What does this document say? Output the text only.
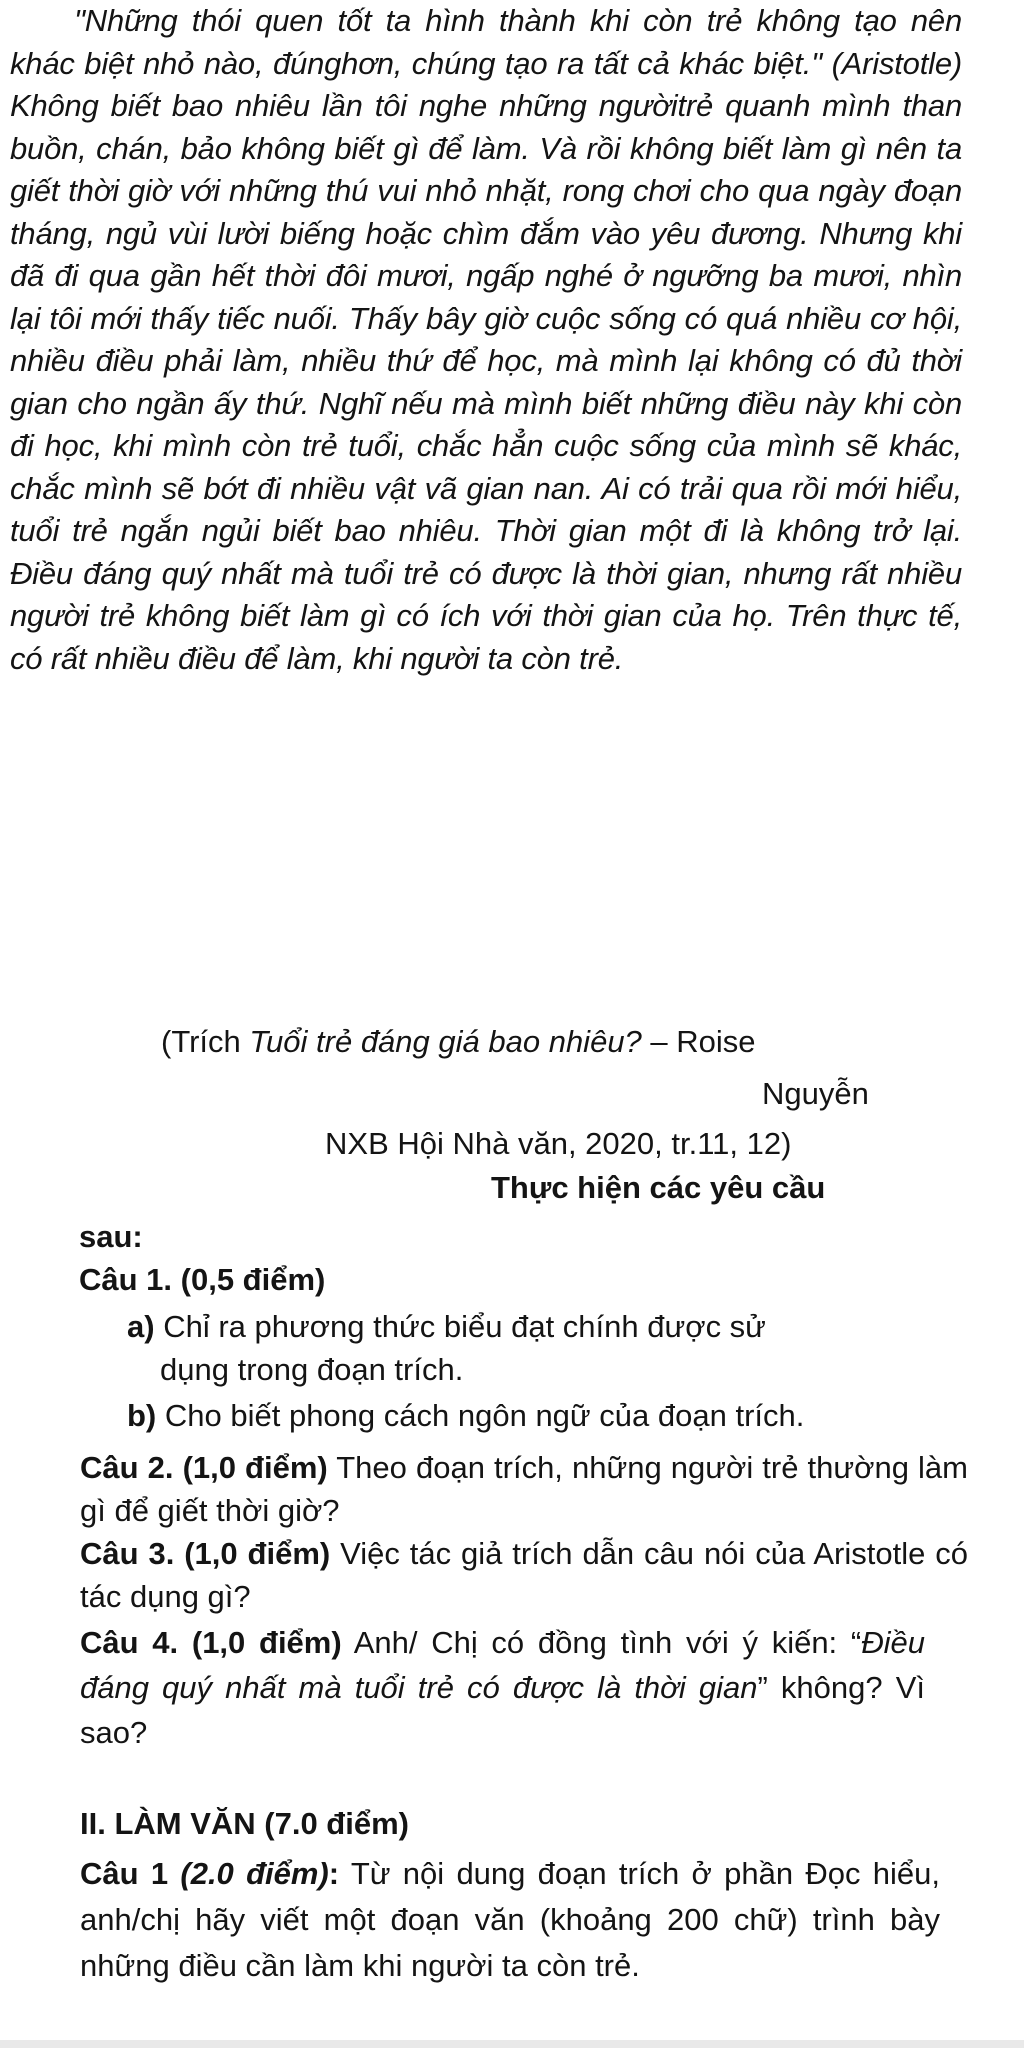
"Những thói quen tốt ta hình thành khi còn trẻ không tạo nên khác biệt nhỏ nào, đúnghơn, chúng tạo ra tất cả khác biệt." (Aristotle) Không biết bao nhiêu lần tôi nghe những ngườitrẻ quanh mình than buồn, chán, bảo không biết gì để làm. Và rồi không biết làm gì nên ta giết thời giờ với những thú vui nhỏ nhặt, rong chơi cho qua ngày đoạn tháng, ngủ vùi lười biếng hoặc chìm đắm vào yêu đương. Nhưng khi đã đi qua gần hết thời đôi mươi, ngấp nghé ở ngưỡng ba mươi, nhìn lại tôi mới thấy tiếc nuối. Thấy bây giờ cuộc sống có quá nhiều cơ hội, nhiều điều phải làm, nhiều thứ để học, mà mình lại không có đủ thời gian cho ngần ấy thứ. Nghĩ nếu mà mình biết những điều này khi còn đi học, khi mình còn trẻ tuổi, chắc hẳn cuộc sống của mình sẽ khác, chắc mình sẽ bớt đi nhiều vật vã gian nan. Ai có trải qua rồi mới hiểu, tuổi trẻ ngắn ngủi biết bao nhiêu. Thời gian một đi là không trở lại. Điều đáng quý nhất mà tuổi trẻ có được là thời gian, nhưng rất nhiều người trẻ không biết làm gì có ích với thời gian của họ. Trên thực tế, có rất nhiều điều để làm, khi người ta còn trẻ.
(Trích Tuổi trẻ đáng giá bao nhiêu? – Roise
Nguyễn
NXB Hội Nhà văn, 2020, tr.11, 12)
Thực hiện các yêu cầu
sau:
Câu 1. (0,5 điểm)
a) Chỉ ra phương thức biểu đạt chính được sử
dụng trong đoạn trích.
b) Cho biết phong cách ngôn ngữ của đoạn trích.
Câu 2. (1,0 điểm) Theo đoạn trích, những người trẻ thường làm gì để giết thời giờ?
Câu 3. (1,0 điểm) Việc tác giả trích dẫn câu nói của Aristotle có tác dụng gì?
Câu 4. (1,0 điểm) Anh/ Chị có đồng tình với ý kiến: “Điều đáng quý nhất mà tuổi trẻ có được là thời gian” không? Vì sao?
II. LÀM VĂN (7.0 điểm)
Câu 1 (2.0 điểm): Từ nội dung đoạn trích ở phần Đọc hiểu, anh/chị hãy viết một đoạn văn (khoảng 200 chữ) trình bày những điều cần làm khi người ta còn trẻ.
